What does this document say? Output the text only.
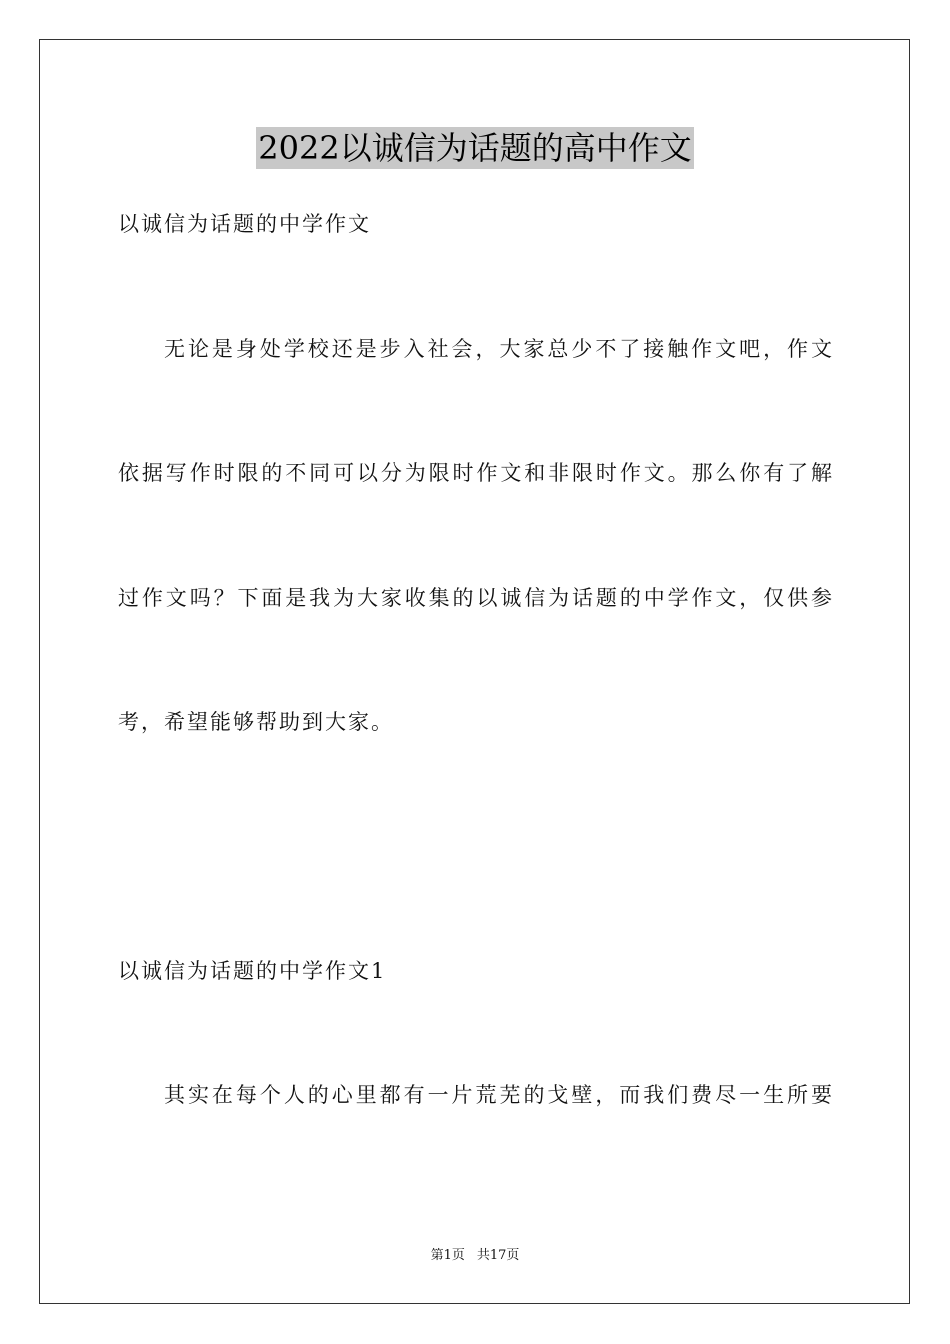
2022以诚信为话题的高中作文
以诚信为话题的中学作文
无论是身处学校还是步入社会，大家总少不了接触作文吧，作文
依据写作时限的不同可以分为限时作文和非限时作文。那么你有了解
过作文吗？下面是我为大家收集的以诚信为话题的中学作文，仅供参
考，希望能够帮助到大家。
以诚信为话题的中学作文1
其实在每个人的心里都有一片荒芜的戈壁，而我们费尽一生所要
第1页 共17页
